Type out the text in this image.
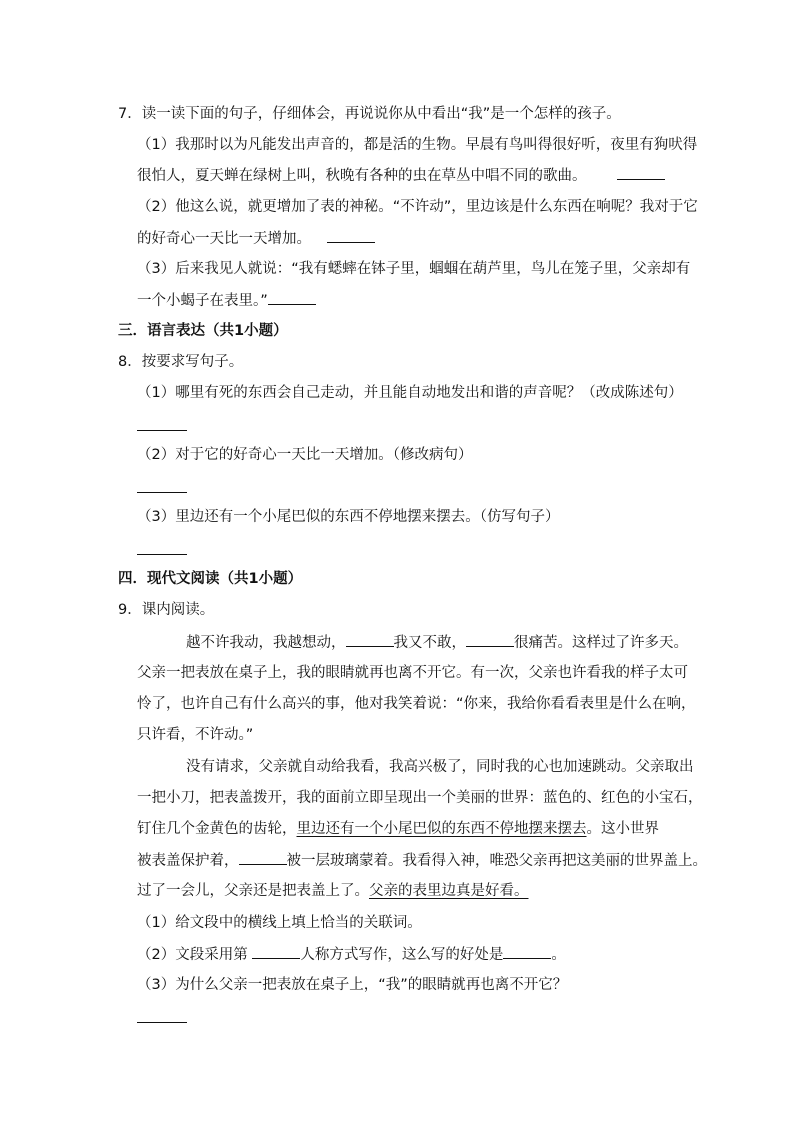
7．读一读下面的句子，仔细体会，再说说你从中看出“我”是一个怎样的孩子。
（1）我那时以为凡能发出声音的，都是活的生物。早晨有鸟叫得很好听，夜里有狗吠得
很怕人，夏天蝉在绿树上叫，秋晚有各种的虫在草丛中唱不同的歌曲。
（2）他这么说，就更增加了表的神秘。“不许动”，里边该是什么东西在响呢？我对于它
的好奇心一天比一天增加。
（3）后来我见人就说：“我有蟋蟀在钵子里，蝈蝈在葫芦里，鸟儿在笼子里，父亲却有
一个小蝎子在表里。”
三．语言表达（共1小题）
8．按要求写句子。
（1）哪里有死的东西会自己走动，并且能自动地发出和谐的声音呢？（改成陈述句）
（2）对于它的好奇心一天比一天增加。（修改病句）
（3）里边还有一个小尾巴似的东西不停地摆来摆去。（仿写句子）
四．现代文阅读（共1小题）
9．课内阅读。
越不许我动，我越想动，	我又不敢，	很痛苦。这样过了许多天。
父亲一把表放在桌子上，我的眼睛就再也离不开它。有一次，父亲也许看我的样子太可
怜了，也许自己有什么高兴的事，他对我笑着说：“你来，我给你看看表里是什么在响，
只许看，不许动。”
没有请求，父亲就自动给我看，我高兴极了，同时我的心也加速跳动。父亲取出
一把小刀，把表盖拨开，我的面前立即呈现出一个美丽的世界：蓝色的、红色的小宝石，
钉住几个金黄色的齿轮，里边还有一个小尾巴似的东西不停地摆来摆去。这小世界
被表盖保护着，	被一层玻璃蒙着。我看得入神，唯恐父亲再把这美丽的世界盖上。
过了一会儿，父亲还是把表盖上了。父亲的表里边真是好看。
（1）给文段中的横线上填上恰当的关联词。
（2）文段采用第	人称方式写作，这么写的好处是	。
（3）为什么父亲一把表放在桌子上，“我”的眼睛就再也离不开它？
